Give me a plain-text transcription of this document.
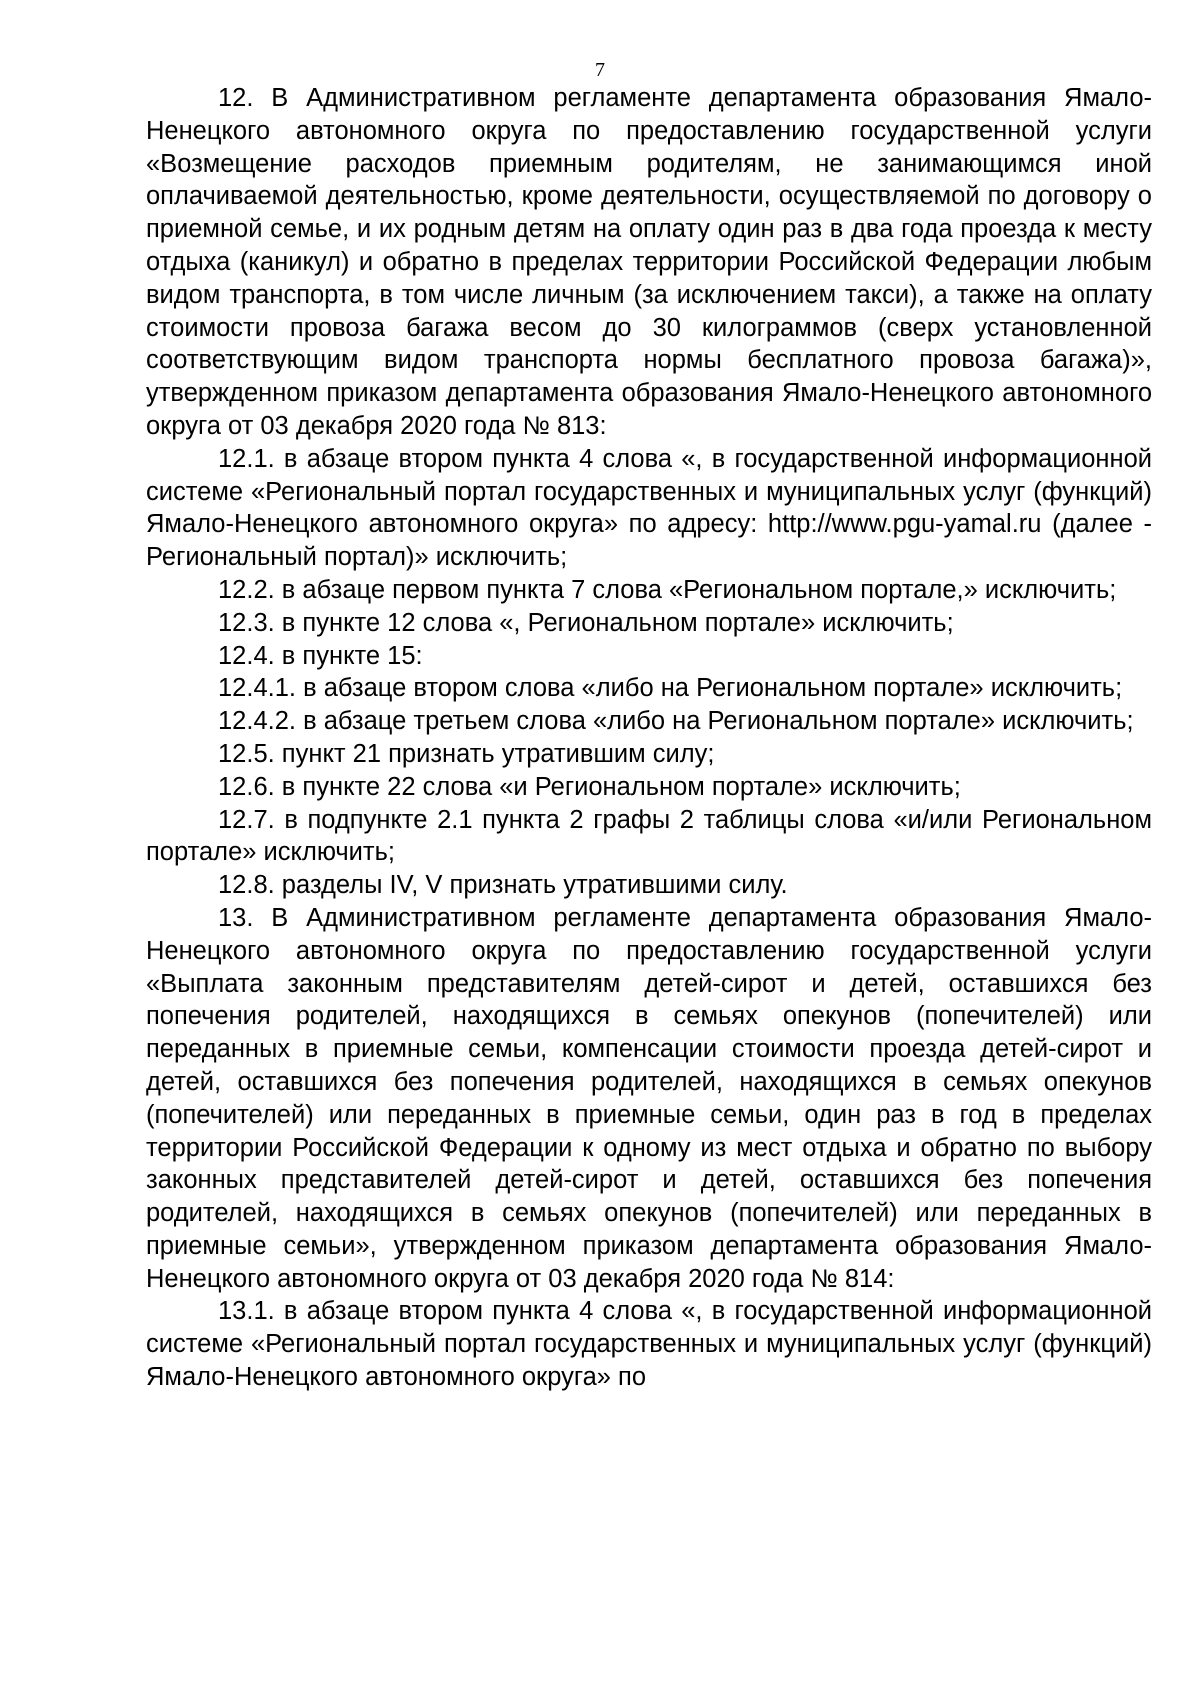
7

12. В Административном регламенте департамента образования Ямало-Ненецкого автономного округа по предоставлению государственной услуги «Возмещение расходов приемным родителям, не занимающимся иной оплачиваемой деятельностью, кроме деятельности, осуществляемой по договору о приемной семье, и их родным детям на оплату один раз в два года проезда к месту отдыха (каникул) и обратно в пределах территории Российской Федерации любым видом транспорта, в том числе личным (за исключением такси), а также на оплату стоимости провоза багажа весом до 30 килограммов (сверх установленной соответствующим видом транспорта нормы бесплатного провоза багажа)», утвержденном приказом департамента образования Ямало-Ненецкого автономного округа от 03 декабря 2020 года № 813:

12.1. в абзаце втором пункта 4 слова «, в государственной информационной системе «Региональный портал государственных и муниципальных услуг (функций) Ямало-Ненецкого автономного округа» по адресу: http://www.pgu-yamal.ru (далее - Региональный портал)» исключить;

12.2. в абзаце первом пункта 7 слова «Региональном портале,» исключить;

12.3. в пункте 12 слова «, Региональном портале» исключить;

12.4. в пункте 15:

12.4.1. в абзаце втором слова «либо на Региональном портале» исключить;

12.4.2. в абзаце третьем слова «либо на Региональном портале» исключить;

12.5. пункт 21 признать утратившим силу;

12.6. в пункте 22 слова «и Региональном портале» исключить;

12.7. в подпункте 2.1 пункта 2 графы 2 таблицы слова «и/или Региональном портале» исключить;

12.8. разделы IV, V признать утратившими силу.

13. В Административном регламенте департамента образования Ямало-Ненецкого автономного округа по предоставлению государственной услуги «Выплата законным представителям детей-сирот и детей, оставшихся без попечения родителей, находящихся в семьях опекунов (попечителей) или переданных в приемные семьи, компенсации стоимости проезда детей-сирот и детей, оставшихся без попечения родителей, находящихся в семьях опекунов (попечителей) или переданных в приемные семьи, один раз в год в пределах территории Российской Федерации к одному из мест отдыха и обратно по выбору законных представителей детей-сирот и детей, оставшихся без попечения родителей, находящихся в семьях опекунов (попечителей) или переданных в приемные семьи», утвержденном приказом департамента образования Ямало-Ненецкого автономного округа от 03 декабря 2020 года № 814:

13.1. в абзаце втором пункта 4 слова «, в государственной информационной системе «Региональный портал государственных и муниципальных услуг (функций) Ямало-Ненецкого автономного округа» по
